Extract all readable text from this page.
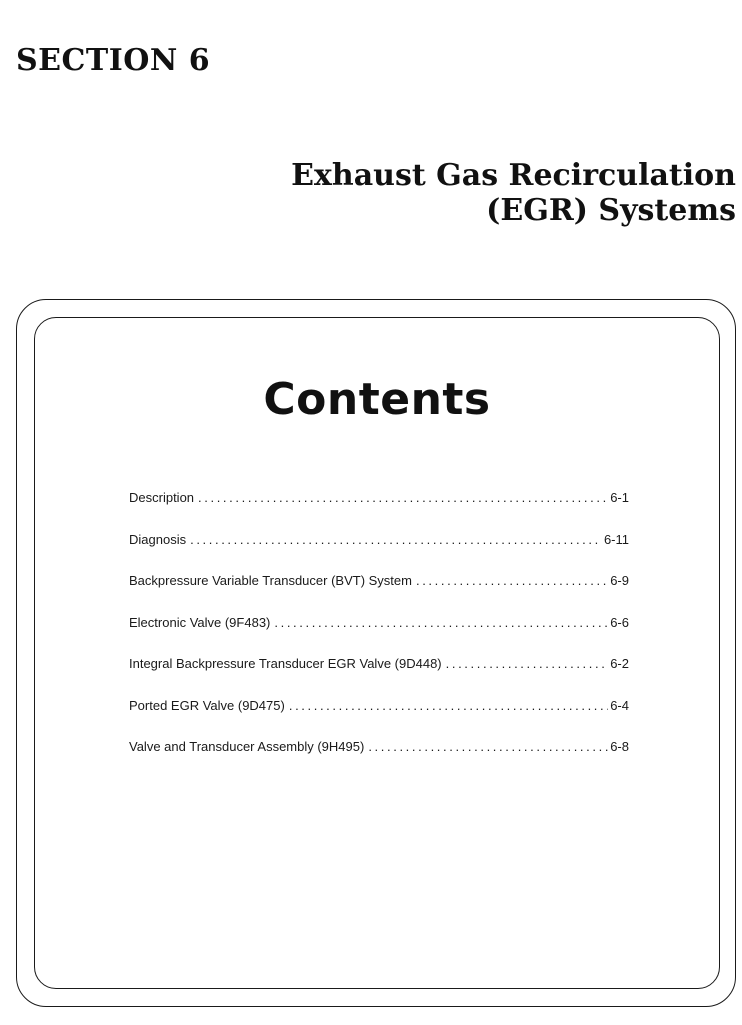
SECTION 6
Exhaust Gas Recirculation
(EGR) Systems
Contents
Description . . .	6-1
Diagnosis . . .	6-11
Backpressure Variable Transducer (BVT) System . . .	6-9
Electronic Valve (9F483) . . .	6-6
Integral Backpressure Transducer EGR Valve (9D448) . . .	6-2
Ported EGR Valve (9D475) . . .	6-4
Valve and Transducer Assembly (9H495) . . .	6-8
